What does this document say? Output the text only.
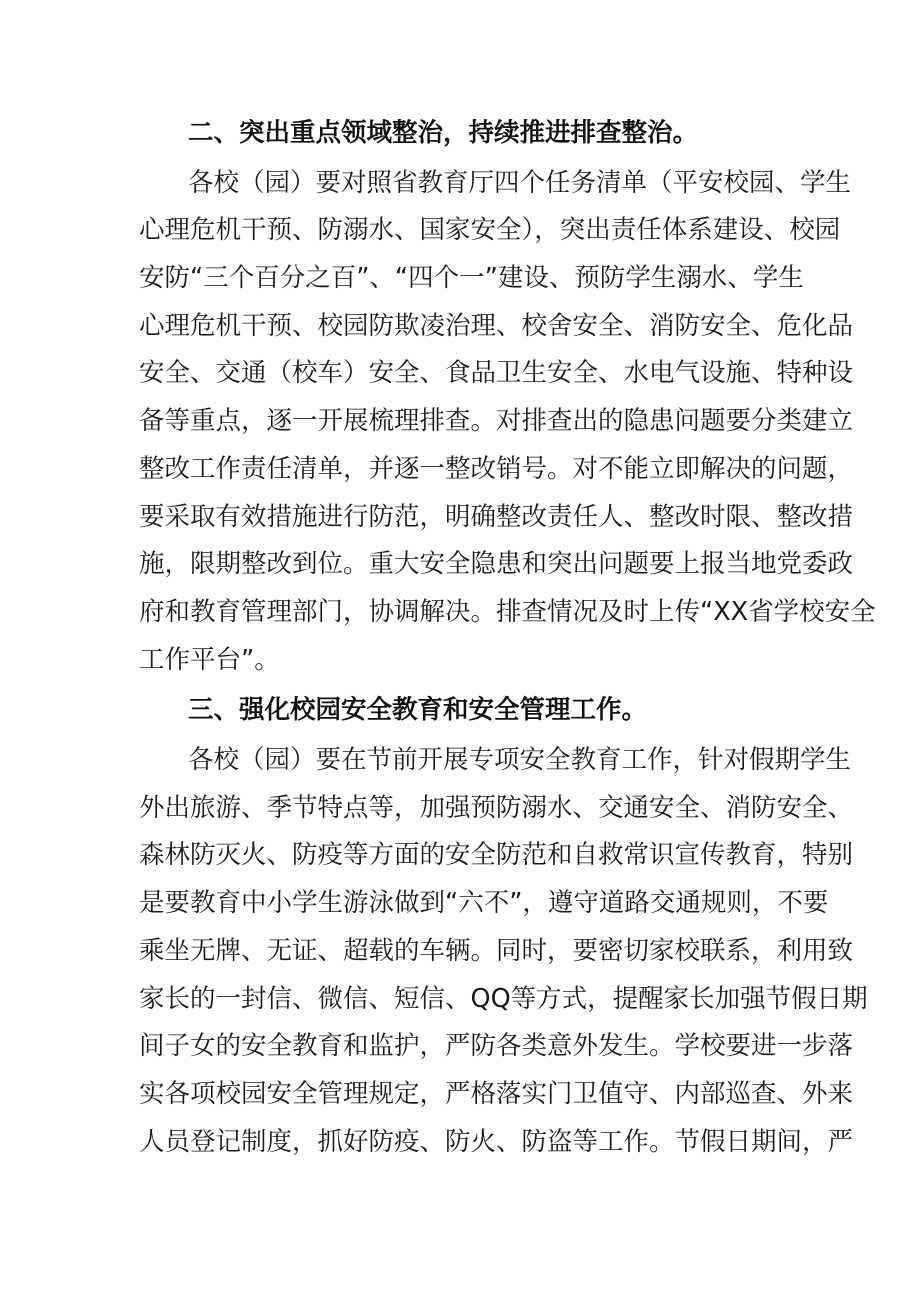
二、突出重点领域整治，持续推进排查整治。
各校（园）要对照省教育厅四个任务清单（平安校园、学生
心理危机干预、防溺水、国家安全），突出责任体系建设、校园
安防“三个百分之百”、“四个一”建设、预防学生溺水、学生
心理危机干预、校园防欺凌治理、校舍安全、消防安全、危化品
安全、交通（校车）安全、食品卫生安全、水电气设施、特种设
备等重点，逐一开展梳理排查。对排查出的隐患问题要分类建立
整改工作责任清单，并逐一整改销号。对不能立即解决的问题，
要采取有效措施进行防范，明确整改责任人、整改时限、整改措
施，限期整改到位。重大安全隐患和突出问题要上报当地党委政
府和教育管理部门，协调解决。排查情况及时上传“XX省学校安全
工作平台”。
三、强化校园安全教育和安全管理工作。
各校（园）要在节前开展专项安全教育工作，针对假期学生
外出旅游、季节特点等，加强预防溺水、交通安全、消防安全、
森林防灭火、防疫等方面的安全防范和自救常识宣传教育，特别
是要教育中小学生游泳做到“六不”，遵守道路交通规则，不要
乘坐无牌、无证、超载的车辆。同时，要密切家校联系，利用致
家长的一封信、微信、短信、QQ等方式，提醒家长加强节假日期
间子女的安全教育和监护，严防各类意外发生。学校要进一步落
实各项校园安全管理规定，严格落实门卫值守、内部巡查、外来
人员登记制度，抓好防疫、防火、防盗等工作。节假日期间，严
